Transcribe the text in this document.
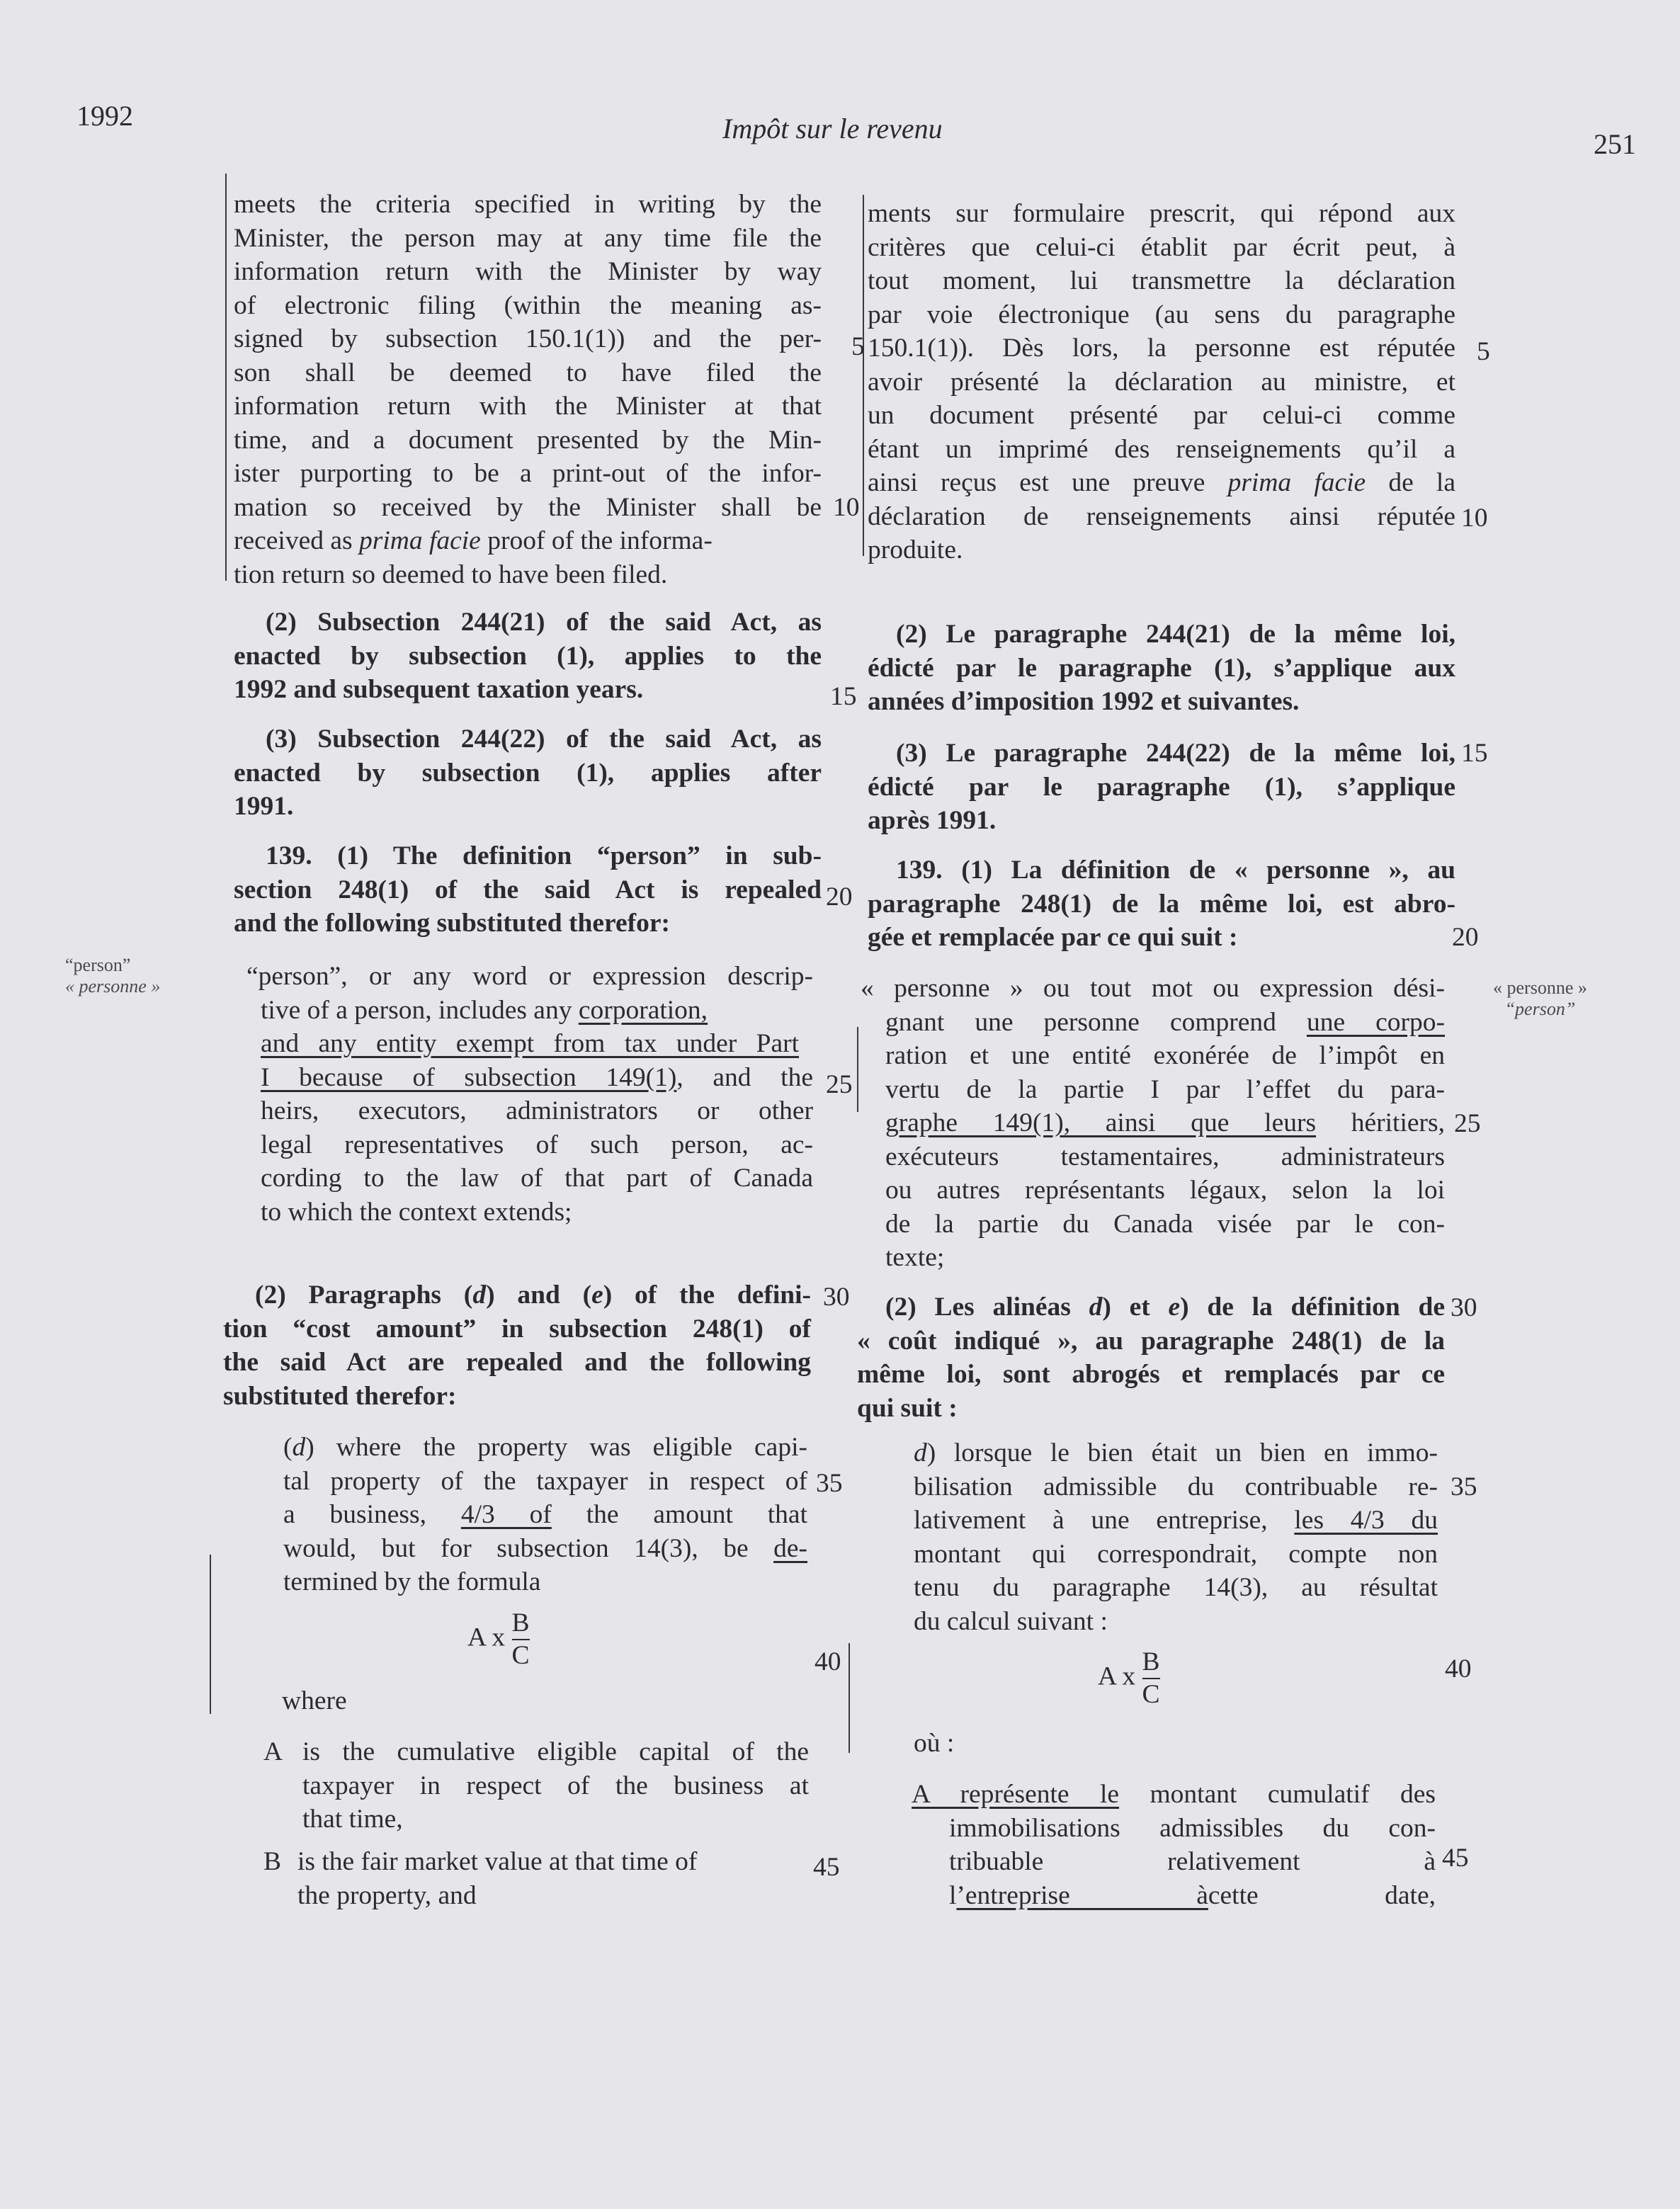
1992	Impôt sur le revenu	251
meets the criteria specified in writing by the
Minister, the person may at any time file the
information return with the Minister by way
of electronic filing (within the meaning as-
signed by subsection 150.1(1)) and the per-
son shall be deemed to have filed the
information return with the Minister at that
time, and a document presented by the Min-
ister purporting to be a print-out of the infor-
mation so received by the Minister shall be
received as prima facie proof of the informa-
tion return so deemed to have been filed.
(2) Subsection 244(21) of the said Act, as
enacted by subsection (1), applies to the
1992 and subsequent taxation years.
(3) Subsection 244(22) of the said Act, as
enacted by subsection (1), applies after
1991.
139. (1) The definition “person” in sub-
section 248(1) of the said Act is repealed
and the following substituted therefor:
“person”, or any word or expression descrip-
tive of a person, includes any corporation,
and any entity exempt from tax under Part
I because of subsection 149(1), and the
heirs, executors, administrators or other
legal representatives of such person, ac-
cording to the law of that part of Canada
to which the context extends;
(2) Paragraphs (d) and (e) of the defini-
tion “cost amount” in subsection 248(1) of
the said Act are repealed and the following
substituted therefor:
(d) where the property was eligible capi-
tal property of the taxpayer in respect of
a business, 4/3 of the amount that
would, but for subsection 14(3), be de-
termined by the formula
A x $\frac{B}{C}$
where
A is the cumulative eligible capital of the
taxpayer in respect of the business at
that time,
B is the fair market value at that time of
the property, and
ments sur formulaire prescrit, qui répond aux
critères que celui-ci établit par écrit peut, à
tout moment, lui transmettre la déclaration
par voie électronique (au sens du paragraphe
150.1(1)). Dès lors, la personne est réputée
avoir présenté la déclaration au ministre, et
un document présenté par celui-ci comme
étant un imprimé des renseignements qu’il a
ainsi reçus est une preuve prima facie de la
déclaration de renseignements ainsi réputée
produite.
(2) Le paragraphe 244(21) de la même loi,
édicté par le paragraphe (1), s’applique aux
années d’imposition 1992 et suivantes.
(3) Le paragraphe 244(22) de la même loi,
édicté par le paragraphe (1), s’applique
après 1991.
139. (1) La définition de « personne », au
paragraphe 248(1) de la même loi, est abro-
gée et remplacée par ce qui suit :
« personne » ou tout mot ou expression dési-
gnant une personne comprend une corpo-
ration et une entité exonérée de l’impôt en
vertu de la partie I par l’effet du para-
graphe 149(1), ainsi que leurs héritiers,
exécuteurs testamentaires, administrateurs
ou autres représentants légaux, selon la loi
de la partie du Canada visée par le con-
texte;
(2) Les alinéas d) et e) de la définition de
« coût indiqué », au paragraphe 248(1) de la
même loi, sont abrogés et remplacés par ce
qui suit :
d) lorsque le bien était un bien en immo-
bilisation admissible du contribuable re-
lativement à une entreprise, les 4/3 du
montant qui correspondrait, compte non
tenu du paragraphe 14(3), au résultat
du calcul suivant :
A x $\frac{B}{C}$
où :
A représente le montant cumulatif des
immobilisations admissibles du con-
tribuable relativement à
l’entreprise àcette date,
“person”
« personne »	« personne »
“person”
5
10
15
20
25
30
35
40
45
5
10
15
20
25
30
35
40
45
